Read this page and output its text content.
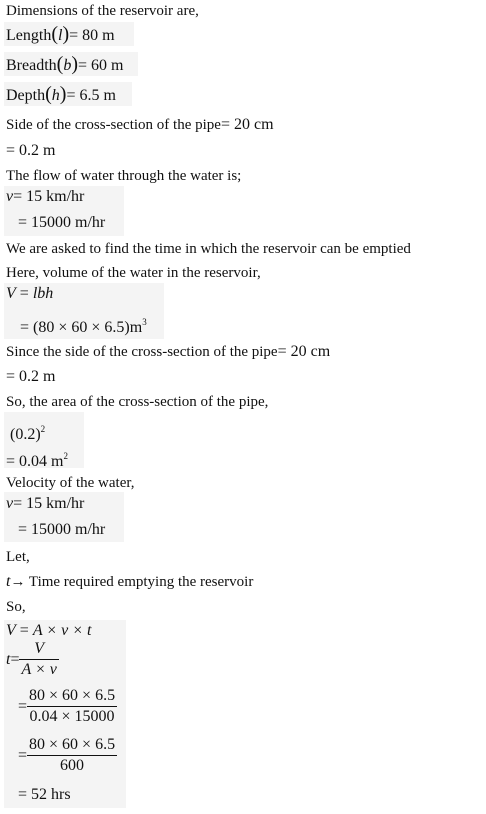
Dimensions of the reservoir are,
Length(l)= 80 m
Breadth(b)= 60 m
Depth(h)= 6.5 m
Side of the cross-section of the pipe= 20 cm
= 0.2 m
The flow of water through the water is;
v= 15 km/hr
= 15000 m/hr
We are asked to find the time in which the reservoir can be emptied
Here, volume of the water in the reservoir,
V = lbh
= $(80 \times 60 \times 6.5)m^3$
Since the side of the cross-section of the pipe= 20 cm
= 0.2 m
So, the area of the cross-section of the pipe,
$(0.2)^2$
= 0.04 $m^2$
Velocity of the water,
v= 15 km/hr
= 15000 m/hr
Let,
t→ Time required emptying the reservoir
So,
V = A × v × t
$t= \frac{V}{A \times v}$
= $\frac{80 \times 60 \times 6.5}{0.04 \times 15000}$
= $\frac{80 \times 60 \times 6.5}{600}$
= 52 hrs
